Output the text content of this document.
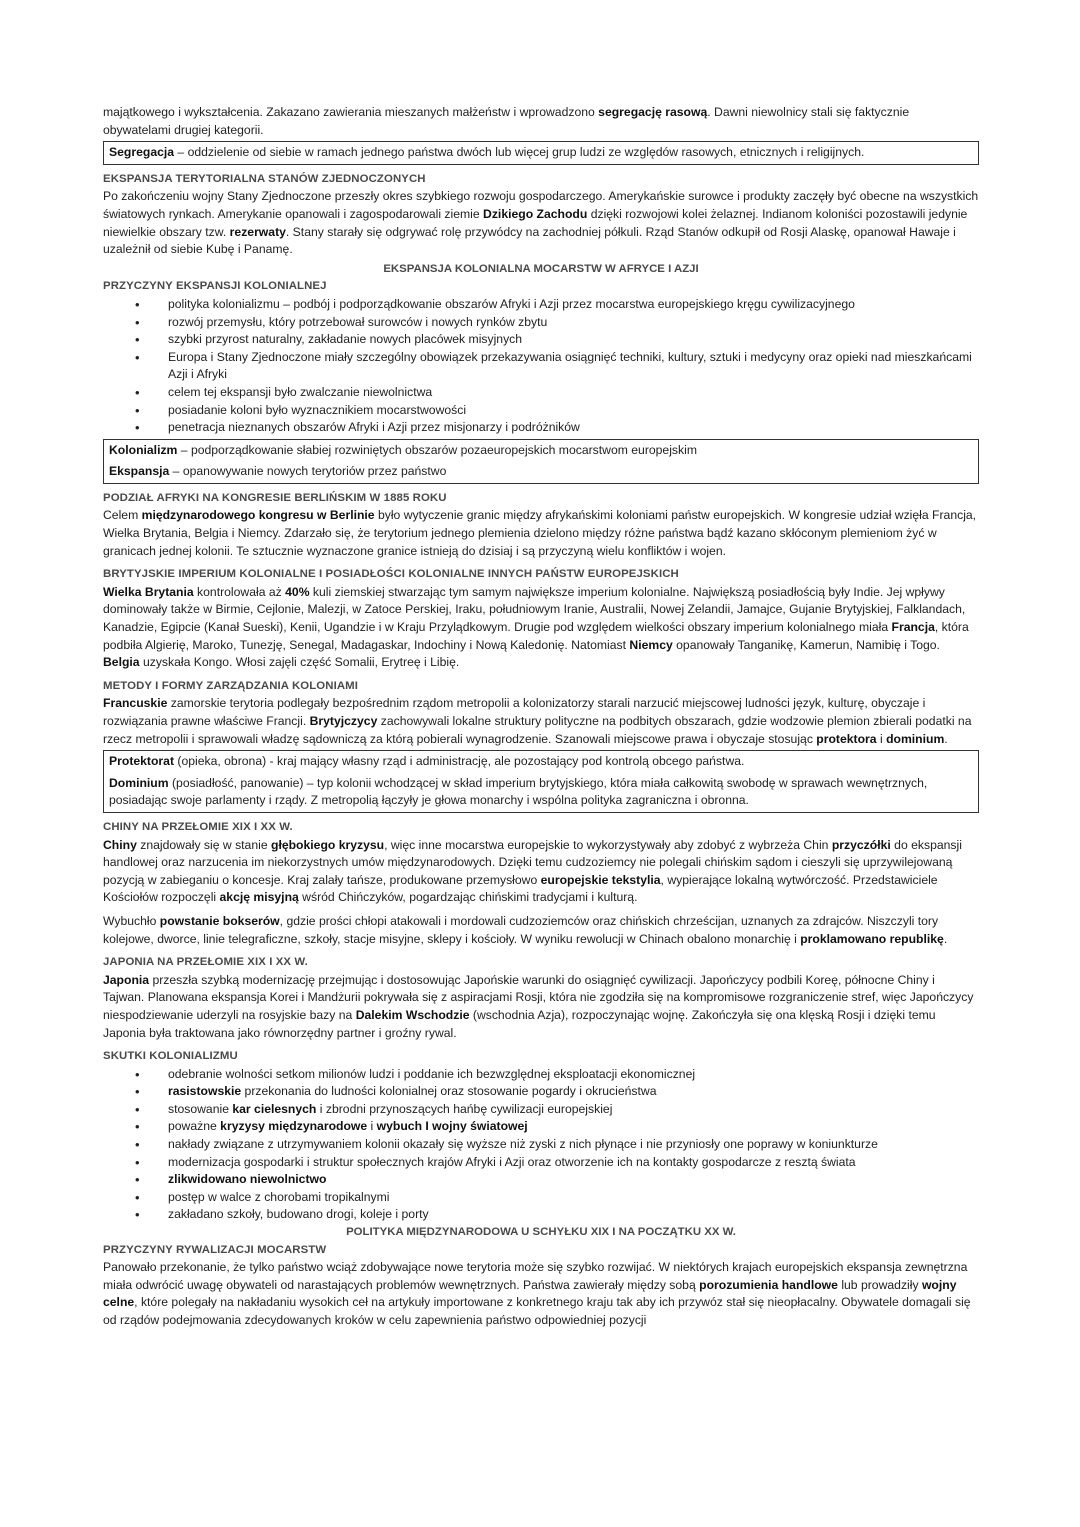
majątkowego i wykształcenia. Zakazano zawierania mieszanych małżeństw i wprowadzono segregację rasową. Dawni niewolnicy stali się faktycznie obywatelami drugiej kategorii.

Segregacja – oddzielenie od siebie w ramach jednego państwa dwóch lub więcej grup ludzi ze względów rasowych, etnicznych i religijnych.

EKSPANSJA TERYTORIALNA STANÓW ZJEDNOCZONYCH

Po zakończeniu wojny Stany Zjednoczone przeszły okres szybkiego rozwoju gospodarczego. Amerykańskie surowce i produkty zaczęły być obecne na wszystkich światowych rynkach. Amerykanie opanowali i zagospodarowali ziemie Dzikiego Zachodu dzięki rozwojowi kolei żelaznej. Indianom koloniści pozostawili jedynie niewielkie obszary tzw. rezerwaty. Stany starały się odgrywać rolę przywódcy na zachodniej półkuli. Rząd Stanów odkupił od Rosji Alaskę, opanował Hawaje i uzależnił od siebie Kubę i Panamę.

EKSPANSJA KOLONIALNA MOCARSTW W AFRYCE I AZJI

PRZYCZYNY EKSPANSJI KOLONIALNEJ

• polityka kolonializmu – podbój i podporządkowanie obszarów Afryki i Azji przez mocarstwa europejskiego kręgu cywilizacyjnego
• rozwój przemysłu, który potrzebował surowców i nowych rynków zbytu
• szybki przyrost naturalny, zakładanie nowych placówek misyjnych
• Europa i Stany Zjednoczone miały szczególny obowiązek przekazywania osiągnięć techniki, kultury, sztuki i medycyny oraz opieki nad mieszkańcami Azji i Afryki
• celem tej ekspansji było zwalczanie niewolnictwa
• posiadanie koloni było wyznacznikiem mocarstwowości
• penetracja nieznanych obszarów Afryki i Azji przez misjonarzy i podróżników

Kolonializm – podporządkowanie słabiej rozwiniętych obszarów pozaeuropejskich mocarstwom europejskim

Ekspansja – opanowywanie nowych terytoriów przez państwo

PODZIAŁ AFRYKI NA KONGRESIE BERLIŃSKIM W 1885 ROKU

Celem międzynarodowego kongresu w Berlinie było wytyczenie granic między afrykańskimi koloniami państw europejskich. W kongresie udział wzięła Francja, Wielka Brytania, Belgia i Niemcy. Zdarzało się, że terytorium jednego plemienia dzielono między różne państwa bądź kazano skłóconym plemieniom żyć w granicach jednej kolonii. Te sztucznie wyznaczone granice istnieją do dzisiaj i są przyczyną wielu konfliktów i wojen.

BRYTYJSKIE IMPERIUM KOLONIALNE I POSIADŁOŚCI KOLONIALNE INNYCH PAŃSTW EUROPEJSKICH

Wielka Brytania kontrolowała aż 40% kuli ziemskiej stwarzając tym samym największe imperium kolonialne. Największą posiadłością były Indie. Jej wpływy dominowały także w Birmie, Cejlonie, Malezji, w Zatoce Perskiej, Iraku, południowym Iranie, Australii, Nowej Zelandii, Jamajce, Gujanie Brytyjskiej, Falklandach, Kanadzie, Egipcie (Kanał Sueski), Kenii, Ugandzie i w Kraju Przylądkowym. Drugie pod względem wielkości obszary imperium kolonialnego miała Francja, która podbiła Algierię, Maroko, Tunezję, Senegal, Madagaskar, Indochiny i Nową Kaledonię. Natomiast Niemcy opanowały Tanganikę, Kamerun, Namibię i Togo. Belgia uzyskała Kongo. Włosi zajęli część Somalii, Erytreę i Libię.

METODY I FORMY ZARZĄDZANIA KOLONIAMI

Francuskie zamorskie terytoria podlegały bezpośrednim rządom metropolii a kolonizatorzy starali narzucić miejscowej ludności język, kulturę, obyczaje i rozwiązania prawne właściwe Francji. Brytyjczycy zachowywali lokalne struktury polityczne na podbitych obszarach, gdzie wodzowie plemion zbierali podatki na rzecz metropolii i sprawowali władzę sądowniczą za którą pobierali wynagrodzenie. Szanowali miejscowe prawa i obyczaje stosując protektora i dominium.

Protektorat (opieka, obrona) - kraj mający własny rząd i administrację, ale pozostający pod kontrolą obcego państwa.

Dominium (posiadłość, panowanie) – typ kolonii wchodzącej w skład imperium brytyjskiego, która miała całkowitą swobodę w sprawach wewnętrznych, posiadając swoje parlamenty i rządy. Z metropolią łączyły je głowa monarchy i wspólna polityka zagraniczna i obronna.

CHINY NA PRZEŁOMIE XIX I XX W.

Chiny znajdowały się w stanie głębokiego kryzysu, więc inne mocarstwa europejskie to wykorzystywały aby zdobyć z wybrzeża Chin przyczółki do ekspansji handlowej oraz narzucenia im niekorzystnych umów międzynarodowych. Dzięki temu cudzoziemcy nie polegali chińskim sądom i cieszyli się uprzywilejowaną pozycją w zabieganiu o koncesje. Kraj zalały tańsze, produkowane przemysłowo europejskie tekstylia, wypierające lokalną wytwórczość. Przedstawiciele Kościołów rozpoczęli akcję misyjną wśród Chińczyków, pogardzając chińskimi tradycjami i kulturą.

Wybuchło powstanie bokserów, gdzie prości chłopi atakowali i mordowali cudzoziemców oraz chińskich chrześcijan, uznanych za zdrajców. Niszczyli tory kolejowe, dworce, linie telegraficzne, szkoły, stacje misyjne, sklepy i kościoły. W wyniku rewolucji w Chinach obalono monarchię i proklamowano republikę.

JAPONIA NA PRZEŁOMIE XIX I XX W.

Japonia przeszła szybką modernizację przejmując i dostosowując Japońskie warunki do osiągnięć cywilizacji. Japończycy podbili Koreę, północne Chiny i Tajwan. Planowana ekspansja Korei i Mandżurii pokrywała się z aspiracjami Rosji, która nie zgodziła się na kompromisowe rozgraniczenie stref, więc Japończycy niespodziewanie uderzyli na rosyjskie bazy na Dalekim Wschodzie (wschodnia Azja), rozpoczynając wojnę. Zakończyła się ona klęską Rosji i dzięki temu Japonia była traktowana jako równorzędny partner i groźny rywal.

SKUTKI KOLONIALIZMU

• odebranie wolności setkom milionów ludzi i poddanie ich bezwzględnej eksploatacji ekonomicznej
• rasistowskie przekonania do ludności kolonialnej oraz stosowanie pogardy i okrucieństwa
• stosowanie kar cielesnych i zbrodni przynoszących hańbę cywilizacji europejskiej
• poważne kryzysy międzynarodowe i wybuch I wojny światowej
• nakłady związane z utrzymywaniem kolonii okazały się wyższe niż zyski z nich płynące i nie przyniosły one poprawy w koniunkturze
• modernizacja gospodarki i struktur społecznych krajów Afryki i Azji oraz otworzenie ich na kontakty gospodarcze z resztą świata
• zlikwidowano niewolnictwo
• postęp w walce z chorobami tropikalnymi
• zakładano szkoły, budowano drogi, koleje i porty

POLITYKA MIĘDZYNARODOWA U SCHYŁKU XIX I NA POCZĄTKU XX W.

PRZYCZYNY RYWALIZACJI MOCARSTW

Panowało przekonanie, że tylko państwo wciąż zdobywające nowe terytoria może się szybko rozwijać. W niektórych krajach europejskich ekspansja zewnętrzna miała odwrócić uwagę obywateli od narastających problemów wewnętrznych. Państwa zawierały między sobą porozumienia handlowe lub prowadziły wojny celne, które polegały na nakładaniu wysokich ceł na artykuły importowane z konkretnego kraju tak aby ich przywóz stał się nieopłacalny. Obywatele domagali się od rządów podejmowania zdecydowanych kroków w celu zapewnienia państwo odpowiedniej pozycji
